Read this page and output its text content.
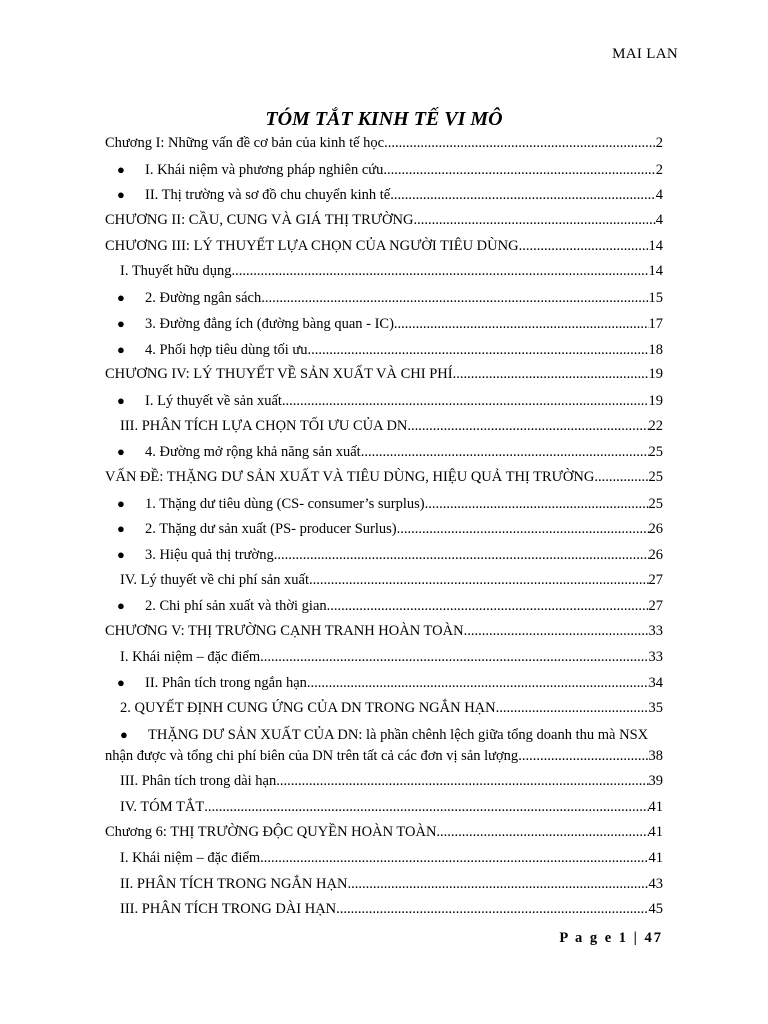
MAI LAN
TÓM TẮT KINH TẾ VI MÔ
Chương I: Những vấn đề cơ bản của kinh tế học .....	2
●	I. Khái niệm và phương pháp nghiên cứu .....	2
●	II. Thị trường và sơ đồ chu chuyển kinh tế .....	4
CHƯƠNG II: CẦU, CUNG VÀ GIÁ THỊ TRƯỜNG .....	4
CHƯƠNG III: LÝ THUYẾT LỰA CHỌN CỦA NGƯỜI TIÊU DÙNG .....	14
I. Thuyết hữu dụng .....	14
●	2. Đường ngân sách .....	15
●	3. Đường đẳng ích (đường bàng quan - IC) .....	17
●	4. Phối hợp tiêu dùng tối ưu .....	18
CHƯƠNG IV: LÝ THUYẾT VỀ SẢN XUẤT VÀ CHI PHÍ .....	19
●	I. Lý thuyết về sản xuất .....	19
III. PHÂN TÍCH LỰA CHỌN TỐI ƯU CỦA DN .....	22
●	4. Đường mở rộng khả năng sản xuất .....	25
VẤN ĐỀ: THẶNG DƯ SẢN XUẤT VÀ TIÊU DÙNG, HIỆU QUẢ THỊ TRƯỜNG .....	25
●	1. Thặng dư tiêu dùng (CS- consumer’s surplus) .....	25
●	2. Thặng dư sản xuất (PS- producer Surlus) .....	26
●	3. Hiệu quả thị trường .....	26
IV. Lý thuyết về chi phí sản xuất .....	27
●	2. Chi phí sản xuất và thời gian .....	27
CHƯƠNG V: THỊ TRƯỜNG CẠNH TRANH HOÀN TOÀN .....	33
I. Khái niệm – đặc điểm .....	33
●	II. Phân tích trong ngắn hạn .....	34
2. QUYẾT ĐỊNH CUNG ỨNG CỦA DN TRONG NGẮN HẠN .....	35
●	THẶNG DƯ SẢN XUẤT CỦA DN: là phần chênh lệch giữa tổng doanh thu mà NSX
nhận được và tổng chi phí biên của DN trên tất cả các đơn vị sản lượng .....	38
III. Phân tích trong dài hạn .....	39
IV. TÓM TẮT .....	41
Chương 6: THỊ TRƯỜNG ĐỘC QUYỀN HOÀN TOÀN .....	41
I. Khái niệm – đặc điểm .....	41
II. PHÂN TÍCH TRONG NGẮN HẠN .....	43
III. PHÂN TÍCH TRONG DÀI HẠN .....	45
P a g e 1 | 47
